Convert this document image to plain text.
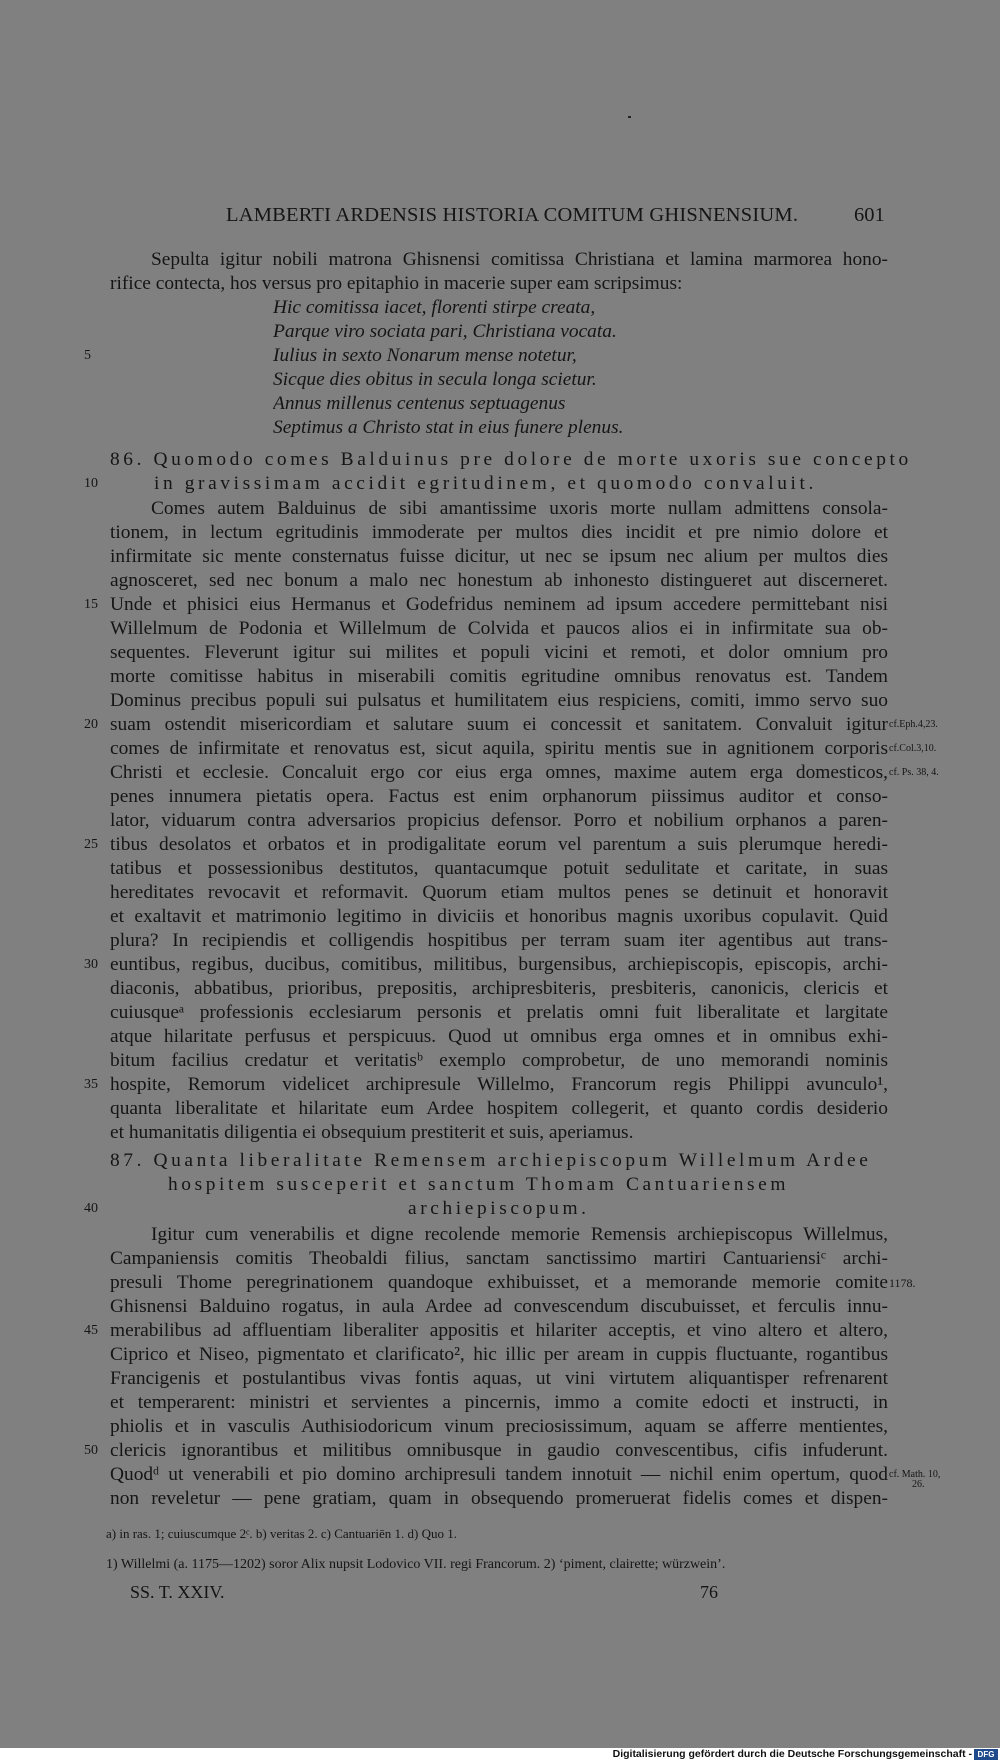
LAMBERTI ARDENSIS HISTORIA COMITUM GHISNENSIUM.	601
Sepulta igitur nobili matrona Ghisnensi comitissa Christiana et lamina marmorea hono-
rifice contecta, hos versus pro epitaphio in macerie super eam scripsimus:
Hic comitissa iacet, florenti stirpe creata,
Parque viro sociata pari, Christiana vocata.
Iulius in sexto Nonarum mense notetur,
Sicque dies obitus in secula longa scietur.
Annus millenus centenus septuagenus
Septimus a Christo stat in eius funere plenus.
86. Quomodo comes Balduinus pre dolore de morte uxoris sue concepto
in gravissimam accidit egritudinem, et quomodo convaluit.
Comes autem Balduinus de sibi amantissime uxoris morte nullam admittens consola-
tionem, in lectum egritudinis immoderate per multos dies incidit et pre nimio dolore et
infirmitate sic mente consternatus fuisse dicitur, ut nec se ipsum nec alium per multos dies
agnosceret, sed nec bonum a malo nec honestum ab inhonesto distingueret aut discerneret.
Unde et phisici eius Hermanus et Godefridus neminem ad ipsum accedere permittebant nisi
Willelmum de Podonia et Willelmum de Colvida et paucos alios ei in infirmitate sua ob-
sequentes. Fleverunt igitur sui milites et populi vicini et remoti, et dolor omnium pro
morte comitisse habitus in miserabili comitis egritudine omnibus renovatus est. Tandem
Dominus precibus populi sui pulsatus et humilitatem eius respiciens, comiti, immo servo suo
suam ostendit misericordiam et salutare suum ei concessit et sanitatem. Convaluit igitur
comes de infirmitate et renovatus est, sicut aquila, spiritu mentis sue in agnitionem corporis
Christi et ecclesie. Concaluit ergo cor eius erga omnes, maxime autem erga domesticos,
penes innumera pietatis opera. Factus est enim orphanorum piissimus auditor et conso-
lator, viduarum contra adversarios propicius defensor. Porro et nobilium orphanos a paren-
tibus desolatos et orbatos et in prodigalitate eorum vel parentum a suis plerumque heredi-
tatibus et possessionibus destitutos, quantacumque potuit sedulitate et caritate, in suas
hereditates revocavit et reformavit. Quorum etiam multos penes se detinuit et honoravit
et exaltavit et matrimonio legitimo in diviciis et honoribus magnis uxoribus copulavit. Quid
plura? In recipiendis et colligendis hospitibus per terram suam iter agentibus aut trans-
euntibus, regibus, ducibus, comitibus, militibus, burgensibus, archiepiscopis, episcopis, archi-
diaconis, abbatibus, prioribus, prepositis, archipresbiteris, presbiteris, canonicis, clericis et
cuiusqueᵃ professionis ecclesiarum personis et prelatis omni fuit liberalitate et largitate
atque hilaritate perfusus et perspicuus. Quod ut omnibus erga omnes et in omnibus exhi-
bitum facilius credatur et veritatisᵇ exemplo comprobetur, de uno memorandi nominis
hospite, Remorum videlicet archipresule Willelmo, Francorum regis Philippi avunculo¹,
quanta liberalitate et hilaritate eum Ardee hospitem collegerit, et quanto cordis desiderio
et humanitatis diligentia ei obsequium prestiterit et suis, aperiamus.
87. Quanta liberalitate Remensem archiepiscopum Willelmum Ardee
hospitem susceperit et sanctum Thomam Cantuariensem
archiepiscopum.
Igitur cum venerabilis et digne recolende memorie Remensis archiepiscopus Willelmus,
Campaniensis comitis Theobaldi filius, sanctam sanctissimo martiri Cantuariensiᶜ archi-
presuli Thome peregrinationem quandoque exhibuisset, et a memorande memorie comite
Ghisnensi Balduino rogatus, in aula Ardee ad convescendum discubuisset, et ferculis innu-
merabilibus ad affluentiam liberaliter appositis et hilariter acceptis, et vino altero et altero,
Ciprico et Niseo, pigmentato et clarificato², hic illic per aream in cuppis fluctuante, rogantibus
Francigenis et postulantibus vivas fontis aquas, ut vini virtutem aliquantisper refrenarent
et temperarent: ministri et servientes a pincernis, immo a comite edocti et instructi, in
phiolis et in vasculis Authisiodoricum vinum preciosissimum, aquam se afferre mentientes,
clericis ignorantibus et militibus omnibusque in gaudio convescentibus, cifis infuderunt.
Quodᵈ ut venerabili et pio domino archipresuli tandem innotuit — nichil enim opertum, quod
non reveletur — pene gratiam, quam in obsequendo promeruerat fidelis comes et dispen-
5
10
15
20
25
30
35
40
45
50
cf.Eph.4,23.
cf.Col.3,10.
cf. Ps. 38, 4.
1178.
cf. Math. 10,
26.
a) in ras. 1; cuiuscumque 2ᶜ. b) veritas 2. c) Cantuariēn 1. d) Quo 1.
1) Willelmi (a. 1175—1202) soror Alix nupsit Lodovico VII. regi Francorum. 2) ‘piment, clairette; würzwein’.
SS. T. XXIV.	76
Digitalisierung gefördert durch die Deutsche Forschungsgemeinschaft - DFG
